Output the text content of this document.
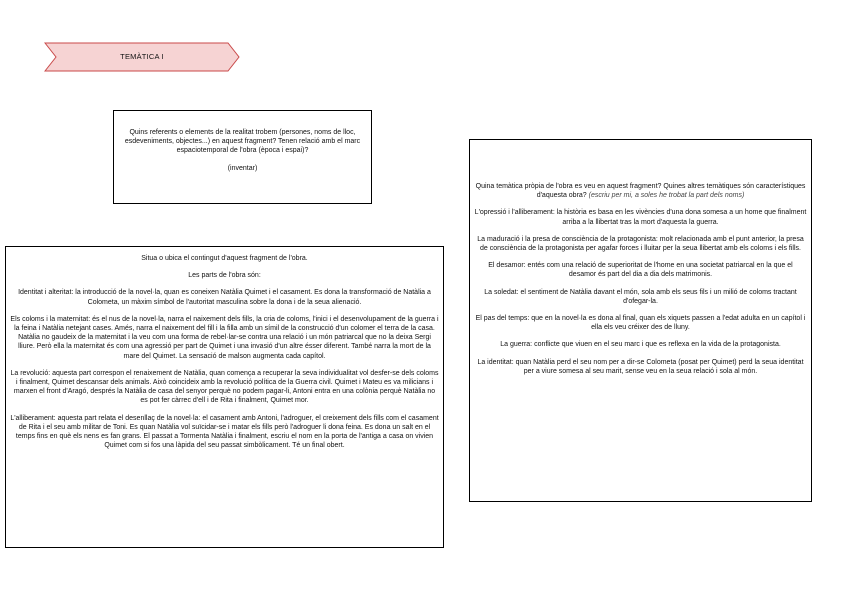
TEMÀTICA I

Quins referents o elements de la realitat trobem (persones, noms de lloc, esdeveniments, objectes...) en aquest fragment? Tenen relació amb el marc espaciotemporal de l'obra (època i espai)?

(inventar)

Situa o ubica el contingut d'aquest fragment de l'obra.

Les parts de l'obra són:

Identitat i alteritat: la introducció de la novel·la, quan es coneixen Natàlia Quimet i el casament. Es dona la transformació de Natàlia a Colometa, un màxim símbol de l'autoritat masculina sobre la dona i de la seua alienació.

Els coloms i la maternitat: és el nus de la novel·la, narra el naixement dels fills, la cria de coloms, l'inici i el desenvolupament de la guerra i la feina i Natàlia netejant cases. Amés, narra el naixement del fill i la filla amb un símil de la construcció d'un colomer el terra de la casa. Natàlia no gaudeix de la maternitat i la veu com una forma de rebel·lar-se contra una relació i un món patriarcal que no la deixa Sergi lliure. Però ella la maternitat és com una agressió per part de Quimet i una invasió d'un altre ésser diferent. També narra la mort de la mare del Quimet. La sensació de malson augmenta cada capítol.

La revolució: aquesta part correspon el renaixement de Natàlia, quan comença a recuperar la seva individualitat vol desfer-se dels coloms i finalment, Quimet descansar dels animals. Això coincideix amb la revolució política de la Guerra civil. Quimet i Mateu es va milicians i marxen el front d'Aragó, després la Natàlia de casa del senyor perquè no podem pagar-li, Antoni entra en una colònia perquè Natàlia no es pot fer càrrec d'ell i de Rita i finalment, Quimet mor.

L'alliberament: aquesta part relata el desenllaç de la novel·la: el casament amb Antoni, l'adroguer, el creixement dels fills com el casament de Rita i el seu amb militar de Toni. Es quan Natàlia vol suïcidar-se i matar els fills però l'adroguer li dona feina. Es dona un salt en el temps fins en què els nens es fan grans. El passat a Tormenta Natàlia i finalment, escriu el nom en la porta de l'antiga a casa on vivien Quimet com si fos una làpida del seu passat simbòlicament. Té un final obert.

Quina temàtica pròpia de l'obra es veu en aquest fragment? Quines altres temàtiques són característiques d'aquesta obra? (escriu per mi, a soles he trobat la part dels noms)

L'opressió i l'alliberament: la història es basa en les vivències d'una dona somesa a un home que finalment arriba a la llibertat tras la mort d'aquesta la guerra.

La maduració i la presa de consciència de la protagonista: molt relacionada amb el punt anterior, la presa de consciència de la protagonista per agafar forces i lluitar per la seua llibertat amb els coloms i els fills.

El desamor: entés com una relació de superioritat de l'home en una societat patriarcal en la que el desamor és part del dia a dia dels matrimonis.

La soledat: el sentiment de Natàlia davant el món, sola amb els seus fils i un milió de coloms tractant d'ofegar-la.

El pas del temps: que en la novel·la es dona al final, quan els xiquets passen a l'edat adulta en un capítol i ella els veu créixer des de lluny.

La guerra: conflicte que viuen en el seu marc i que es reflexa en la vida de la protagonista.

La identitat: quan Natàlia perd el seu nom per a dir-se Colometa (posat per Quimet) perd la seua identitat per a viure somesa al seu marit, sense veu en la seua relació i sola al món.
